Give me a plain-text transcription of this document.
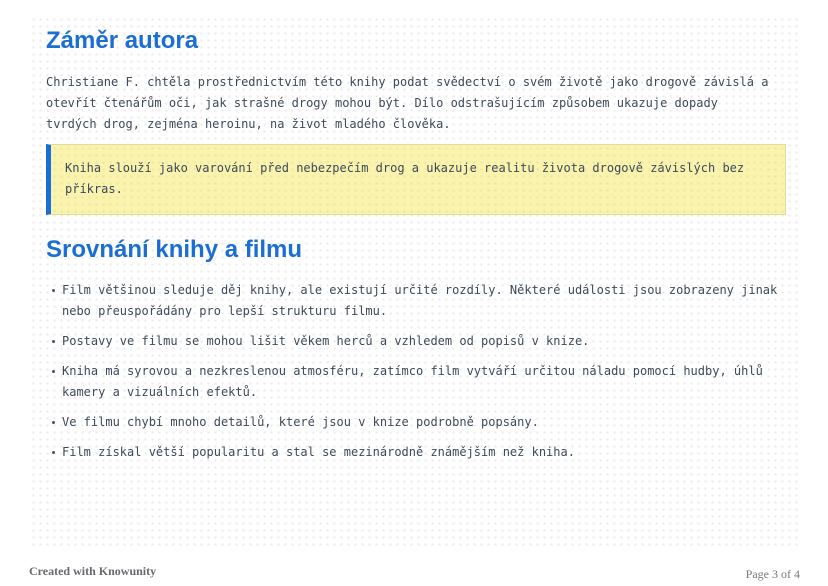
Záměr autora

Christiane F. chtěla prostřednictvím této knihy podat svědectví o svém životě jako drogově závislá a otevřít čtenářům oči, jak strašné drogy mohou být. Dílo odstrašujícím způsobem ukazuje dopady tvrdých drog, zejména heroinu, na život mladého člověka.

Kniha slouží jako varování před nebezpečím drog a ukazuje realitu života drogově závislých bez příkras.

Srovnání knihy a filmu
Film většinou sleduje děj knihy, ale existují určité rozdíly. Některé události jsou zobrazeny jinak nebo přeuspořádány pro lepší strukturu filmu.
Postavy ve filmu se mohou lišit věkem herců a vzhledem od popisů v knize.
Kniha má syrovou a nezkreslenou atmosféru, zatímco film vytváří určitou náladu pomocí hudby, úhlů kamery a vizuálních efektů.
Ve filmu chybí mnoho detailů, které jsou v knize podrobně popsány.
Film získal větší popularitu a stal se mezinárodně známějším než kniha.
Created with Knowunity	Page 3 of 4
